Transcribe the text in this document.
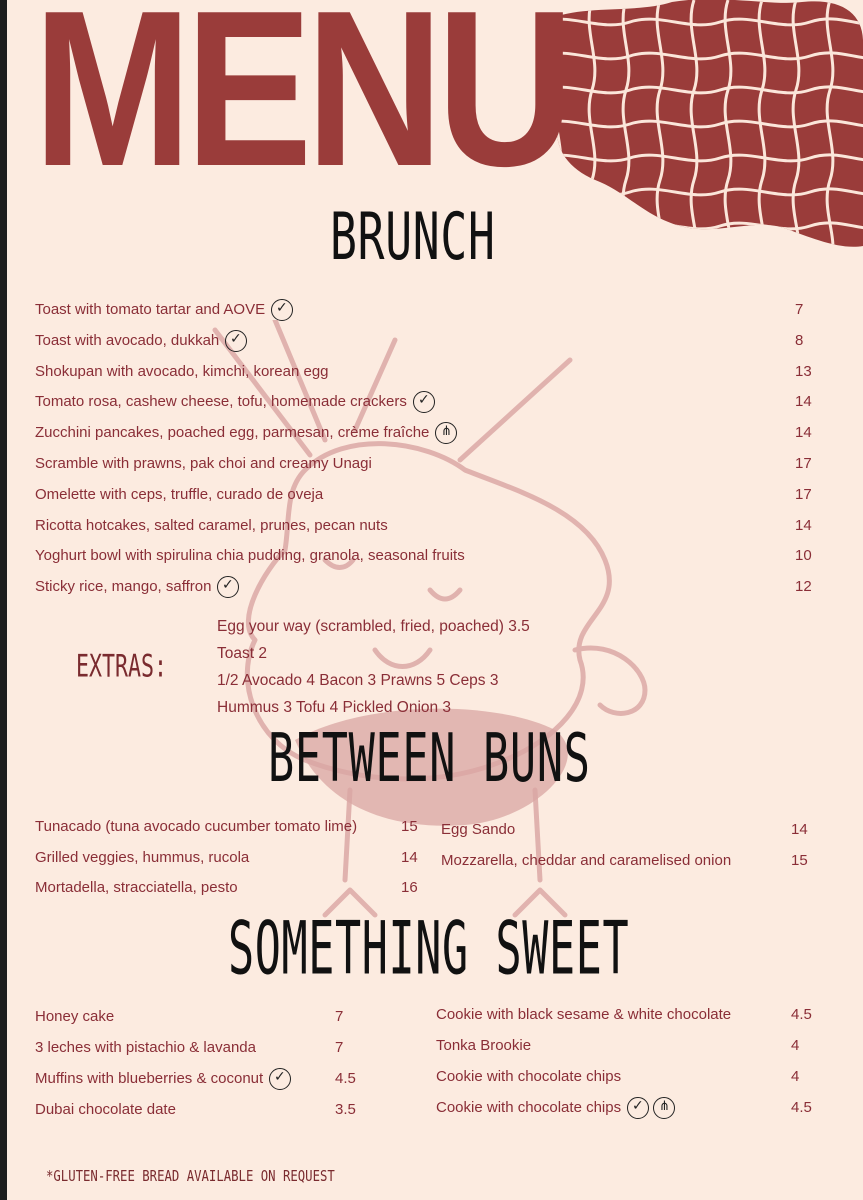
MENU
BRUNCH
Toast with tomato tartar and AOVE ✓	7
Toast with avocado, dukkah ✓	8
Shokupan with avocado, kimchi, korean egg	13
Tomato rosa, cashew cheese, tofu, homemade crackers ✓	14
Zucchini pancakes, poached egg, parmesan, crème fraîche ⋔	14
Scramble with prawns, pak choi and creamy Unagi	17
Omelette with ceps, truffle, curado de oveja	17
Ricotta hotcakes, salted caramel, prunes, pecan nuts	14
Yoghurt bowl with spirulina chia pudding, granola, seasonal fruits	10
Sticky rice, mango, saffron ✓	12
EXTRAS:
Egg your way (scrambled, fried, poached) 3.5
Toast 2
1/2 Avocado 4 Bacon 3 Prawns 5 Ceps 3
Hummus 3 Tofu 4 Pickled Onion 3
BETWEEN BUNS
Tunacado (tuna avocado cucumber tomato lime)	15
Grilled veggies, hummus, rucola	14
Mortadella, stracciatella, pesto	16
Egg Sando	14
Mozzarella, cheddar and caramelised onion	15
SOMETHING SWEET
Honey cake	7
3 leches with pistachio & lavanda	7
Muffins with blueberries & coconut ✓	4.5
Dubai chocolate date	3.5
Cookie with black sesame & white chocolate	4.5
Tonka Brookie	4
Cookie with chocolate chips	4
Cookie with chocolate chips ✓ ⋔	4.5

*GLUTEN-FREE BREAD AVAILABLE ON REQUEST
